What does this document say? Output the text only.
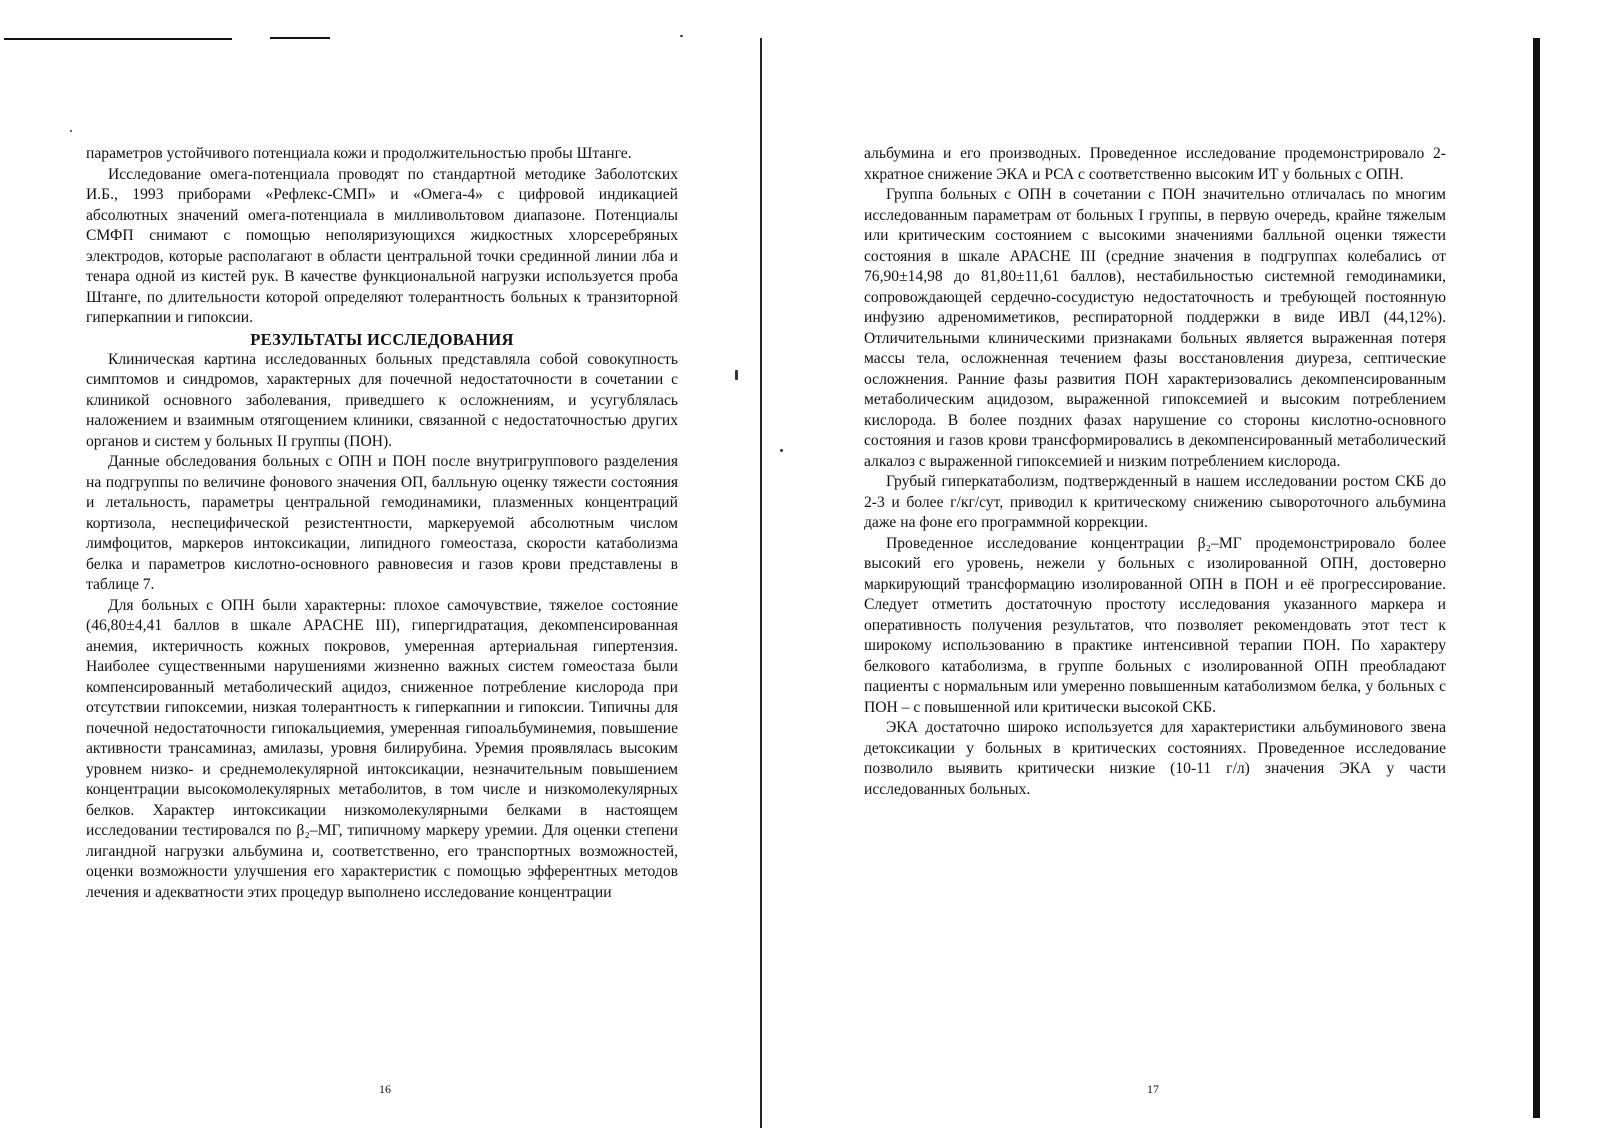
параметров устойчивого потенциала кожи и продолжительностью пробы Штанге.

Исследование омега-потенциала проводят по стандартной методике Заболотских И.Б., 1993 приборами «Рефлекс-СМП» и «Омега-4» с цифровой индикацией абсолютных значений омега-потенциала в милливольтовом диапазоне. Потенциалы СМФП снимают с помощью неполяризующихся жидкостных хлорсеребряных электродов, которые располагают в области центральной точки срединной линии лба и тенара одной из кистей рук. В качестве функциональной нагрузки используется проба Штанге, по длительности которой определяют толерантность больных к транзиторной гиперкапнии и гипоксии.

РЕЗУЛЬТАТЫ ИССЛЕДОВАНИЯ

Клиническая картина исследованных больных представляла собой совокупность симптомов и синдромов, характерных для почечной недостаточности в сочетании с клиникой основного заболевания, приведшего к осложнениям, и усугублялась наложением и взаимным отягощением клиники, связанной с недостаточностью других органов и систем у больных II группы (ПОН).

Данные обследования больных с ОПН и ПОН после внутригруппового разделения на подгруппы по величине фонового значения ОП, балльную оценку тяжести состояния и летальность, параметры центральной гемодинамики, плазменных концентраций кортизола, неспецифической резистентности, маркеруемой абсолютным числом лимфоцитов, маркеров интоксикации, липидного гомеостаза, скорости катаболизма белка и параметров кислотно-основного равновесия и газов крови представлены в таблице 7.

Для больных с ОПН были характерны: плохое самочувствие, тяжелое состояние (46,80±4,41 баллов в шкале APACHE III), гипергидратация, декомпенсированная анемия, иктеричность кожных покровов, умеренная артериальная гипертензия. Наиболее существенными нарушениями жизненно важных систем гомеостаза были компенсированный метаболический ацидоз, сниженное потребление кислорода при отсутствии гипоксемии, низкая толерантность к гиперкапнии и гипоксии. Типичны для почечной недостаточности гипокальциемия, умеренная гипоальбуминемия, повышение активности трансаминаз, амилазы, уровня билирубина. Уремия проявлялась высоким уровнем низко- и среднемолекулярной интоксикации, незначительным повышением концентрации высокомолекулярных метаболитов, в том числе и низкомолекулярных белков. Характер интоксикации низкомолекулярными белками в настоящем исследовании тестировался по β₂–МГ, типичному маркеру уремии. Для оценки степени лигандной нагрузки альбумина и, соответственно, его транспортных возможностей, оценки возможности улучшения его характеристик с помощью эфферентных методов лечения и адекватности этих процедур выполнено исследование концентрации

16

альбумина и его производных. Проведенное исследование продемонстрировало 2-хкратное снижение ЭКА и РСА с соответственно высоким ИТ у больных с ОПН.

Группа больных с ОПН в сочетании с ПОН значительно отличалась по многим исследованным параметрам от больных I группы, в первую очередь, крайне тяжелым или критическим состоянием с высокими значениями балльной оценки тяжести состояния в шкале APACHE III (средние значения в подгруппах колебались от 76,90±14,98 до 81,80±11,61 баллов), нестабильностью системной гемодинамики, сопровождающей сердечно-сосудистую недостаточность и требующей постоянную инфузию адреномиметиков, респираторной поддержки в виде ИВЛ (44,12%). Отличительными клиническими признаками больных является выраженная потеря массы тела, осложненная течением фазы восстановления диуреза, септические осложнения. Ранние фазы развития ПОН характеризовались декомпенсированным метаболическим ацидозом, выраженной гипоксемией и высоким потреблением кислорода. В более поздних фазах нарушение со стороны кислотно-основного состояния и газов крови трансформировались в декомпенсированный метаболический алкалоз с выраженной гипоксемией и низким потреблением кислорода.

Грубый гиперкатаболизм, подтвержденный в нашем исследовании ростом СКБ до 2-3 и более г/кг/сут, приводил к критическому снижению сывороточного альбумина даже на фоне его программной коррекции.

Проведенное исследование концентрации β₂–МГ продемонстрировало более высокий его уровень, нежели у больных с изолированной ОПН, достоверно маркирующий трансформацию изолированной ОПН в ПОН и её прогрессирование. Следует отметить достаточную простоту исследования указанного маркера и оперативность получения результатов, что позволяет рекомендовать этот тест к широкому использованию в практике интенсивной терапии ПОН. По характеру белкового катаболизма, в группе больных с изолированной ОПН преобладают пациенты с нормальным или умеренно повышенным катаболизмом белка, у больных с ПОН – с повышенной или критически высокой СКБ.

ЭКА достаточно широко используется для характеристики альбуминового звена детоксикации у больных в критических состояниях. Проведенное исследование позволило выявить критически низкие (10-11 г/л) значения ЭКА у части исследованных больных.

17
